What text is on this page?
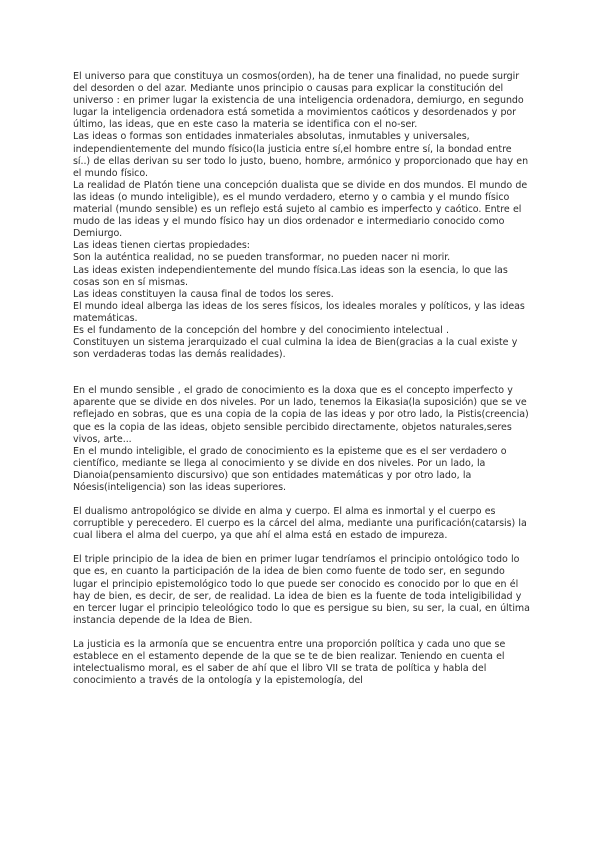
El universo para que constituya un cosmos(orden), ha de tener una finalidad, no puede surgir del desorden o del azar. Mediante unos principio o causas para explicar la constitución del universo : en primer lugar la existencia de una inteligencia ordenadora, demiurgo, en segundo lugar la inteligencia ordenadora está sometida a movimientos caóticos y desordenados y por último, las ideas, que en este caso la materia se identifica con el no-ser.

Las ideas o formas son entidades inmateriales absolutas, inmutables y universales, independientemente del mundo físico(la justicia entre sí,el hombre entre sí, la bondad entre sí..) de ellas derivan su ser todo lo justo, bueno, hombre, armónico y proporcionado que hay en el mundo físico.

La realidad de Platón tiene una concepción dualista que se divide en dos mundos. El mundo de las ideas (o mundo inteligible), es el mundo verdadero, eterno y o cambia y el mundo físico material (mundo sensible) es un reflejo está sujeto al cambio es imperfecto y caótico. Entre el mudo de las ideas y el mundo físico hay un dios ordenador e intermediario conocido como Demiurgo.

Las ideas tienen ciertas propiedades:

Son la auténtica realidad, no se pueden transformar, no pueden nacer ni morir.

Las ideas existen independientemente del mundo física.Las ideas son la esencia, lo que las cosas son en sí mismas.

Las ideas constituyen la causa final de todos los seres.

El mundo ideal alberga las ideas de los seres físicos, los ideales morales y políticos, y las ideas matemáticas.

Es el fundamento de la concepción del hombre y del conocimiento intelectual .

Constituyen un sistema jerarquizado el cual culmina la idea de Bien(gracias a la cual existe y son verdaderas todas las demás realidades).

En el mundo sensible , el grado de conocimiento es la doxa que es el concepto imperfecto y aparente que se divide en dos niveles. Por un lado, tenemos la Eikasia(la suposición) que se ve reflejado en sobras, que es una copia de la copia de las ideas y por otro lado, la Pistis(creencia) que es la copia de las ideas, objeto sensible percibido directamente, objetos naturales,seres vivos, arte...

En el mundo inteligible, el grado de conocimiento es la episteme que es el ser verdadero o científico, mediante se llega al conocimiento y se divide en dos niveles. Por un lado, la Dianoia(pensamiento discursivo) que son entidades matemáticas y por otro lado, la Nóesis(inteligencia) son las ideas superiores.

El dualismo antropológico se divide en alma y cuerpo. El alma es inmortal y el cuerpo es corruptible y perecedero. El cuerpo es la cárcel del alma, mediante una purificación(catarsis) la cual libera el alma del cuerpo, ya que ahí el alma está en estado de impureza.

El triple principio de la idea de bien en primer lugar tendríamos el principio ontológico todo lo que es, en cuanto la participación de la idea de bien como fuente de todo ser, en segundo lugar el principio epistemológico todo lo que puede ser conocido es conocido por lo que en él hay de bien, es decir, de ser, de realidad. La idea de bien es la fuente de toda inteligibilidad y en tercer lugar el principio teleológico todo lo que es persigue su bien, su ser, la cual, en última instancia depende de la Idea de Bien.

La justicia es la armonía que se encuentra entre una proporción política y cada uno que se establece en el estamento depende de la que se te de bien realizar. Teniendo en cuenta el intelectualismo moral, es el saber de ahí que el libro VII se trata de política y habla del conocimiento a través de la ontología y la epistemología, del
